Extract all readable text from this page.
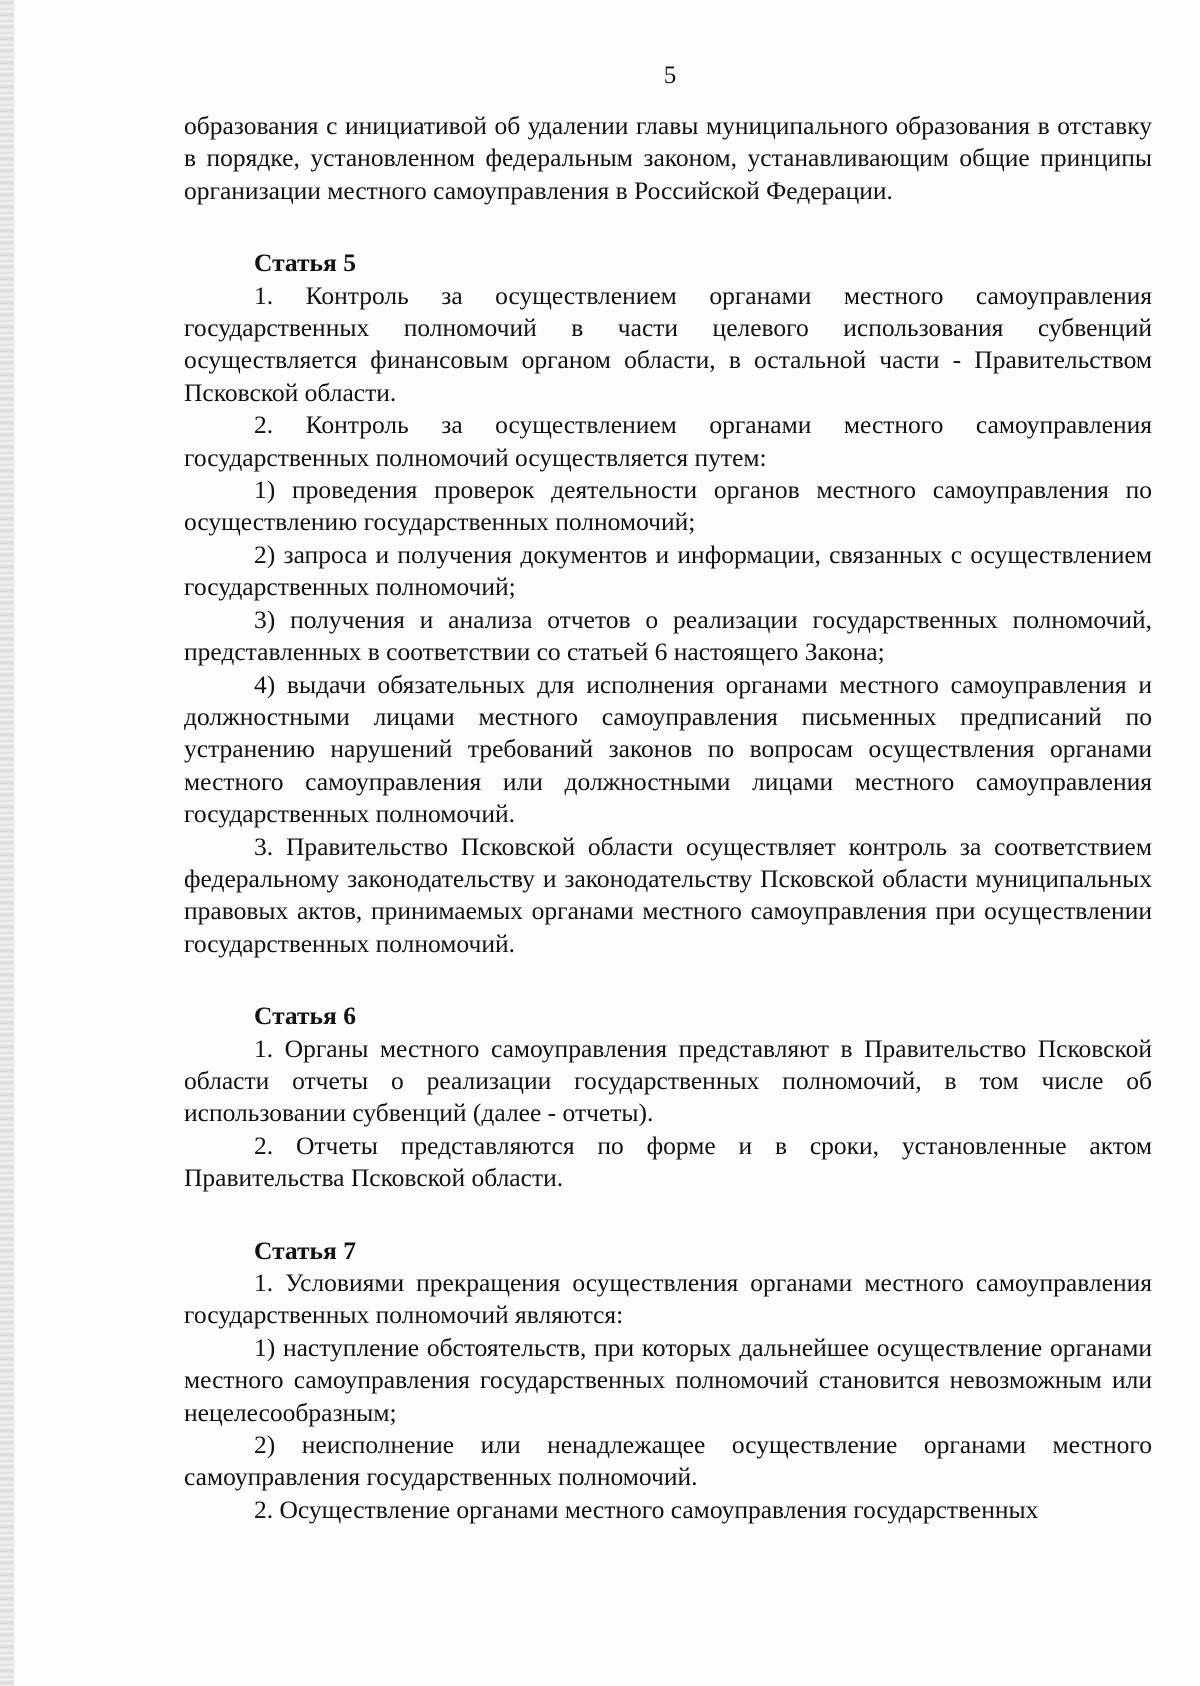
5

образования с инициативой об удалении главы муниципального образования в отставку в порядке, установленном федеральным законом, устанавливающим общие принципы организации местного самоуправления в Российской Федерации.

Статья 5

1. Контроль за осуществлением органами местного самоуправления государственных полномочий в части целевого использования субвенций осуществляется финансовым органом области, в остальной части - Правительством Псковской области.

2. Контроль за осуществлением органами местного самоуправления государственных полномочий осуществляется путем:

1) проведения проверок деятельности органов местного самоуправления по осуществлению государственных полномочий;

2) запроса и получения документов и информации, связанных с осуществлением государственных полномочий;

3) получения и анализа отчетов о реализации государственных полномочий, представленных в соответствии со статьей 6 настоящего Закона;

4) выдачи обязательных для исполнения органами местного самоуправления и должностными лицами местного самоуправления письменных предписаний по устранению нарушений требований законов по вопросам осуществления органами местного самоуправления или должностными лицами местного самоуправления государственных полномочий.

3. Правительство Псковской области осуществляет контроль за соответствием федеральному законодательству и законодательству Псковской области муниципальных правовых актов, принимаемых органами местного самоуправления при осуществлении государственных полномочий.

Статья 6

1. Органы местного самоуправления представляют в Правительство Псковской области отчеты о реализации государственных полномочий, в том числе об использовании субвенций (далее - отчеты).

2. Отчеты представляются по форме и в сроки, установленные актом Правительства Псковской области.

Статья 7

1. Условиями прекращения осуществления органами местного самоуправления государственных полномочий являются:

1) наступление обстоятельств, при которых дальнейшее осуществление органами местного самоуправления государственных полномочий становится невозможным или нецелесообразным;

2) неисполнение или ненадлежащее осуществление органами местного самоуправления государственных полномочий.

2. Осуществление органами местного самоуправления государственных
